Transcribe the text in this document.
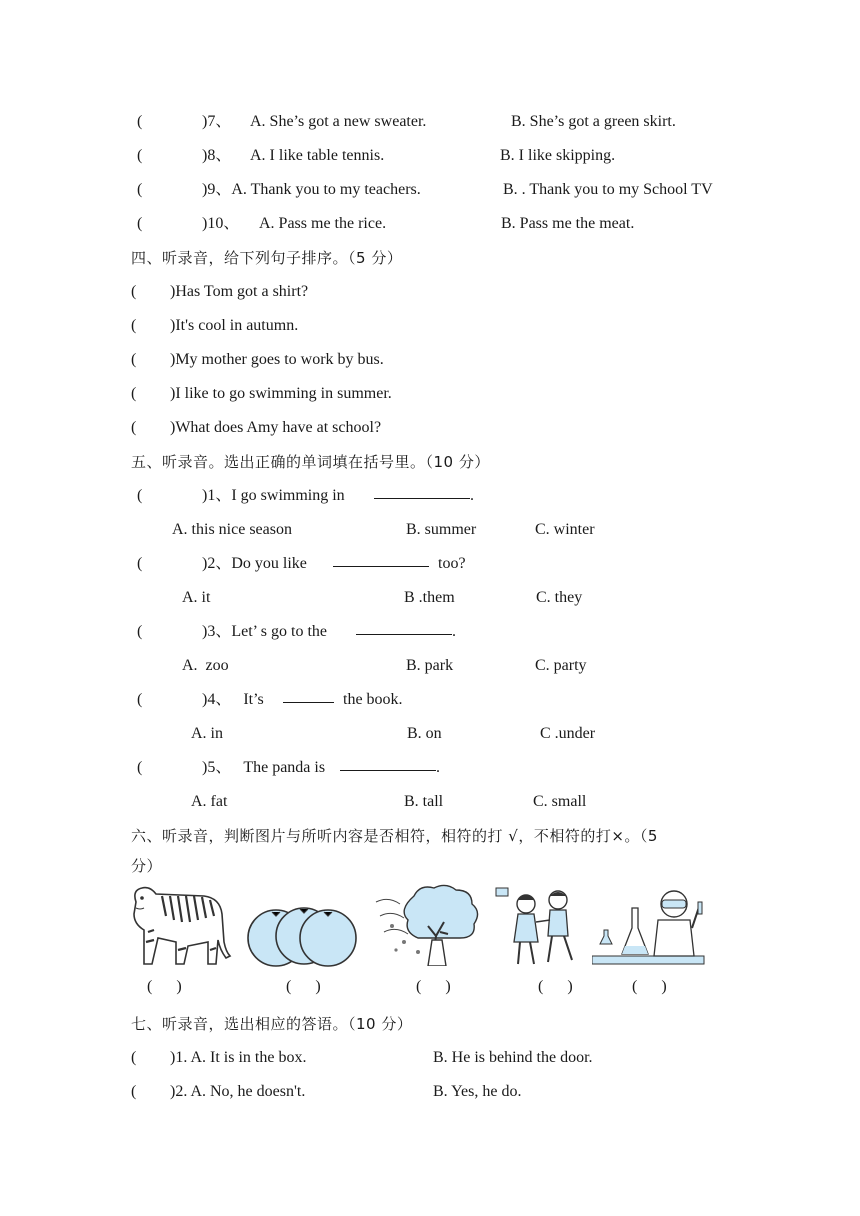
(	)7、 A. She’s got a new sweater.	B. She’s got a green skirt.
(	)8、 A. I like table tennis.	B. I like skipping.
(	)9、A. Thank you to my teachers.	B. . Thank you to my School TV
(	)10、 A. Pass me the rice.	B. Pass me the meat.
四、听录音，给下列句子排序。（5 分）
( )Has Tom got a shirt?
( )It's cool in autumn.
( )My mother goes to work by bus.
( )I like to go swimming in summer.
( )What does Amy have at school?
五、听录音。选出正确的单词填在括号里。（10 分）
(	)1、I go swimming in	.
A. this nice season	B. summer	C. winter
(	)2、Do you like	too?
A. it	B .them	C. they
(	)3、Let’ s go to the	.
A.  zoo	B. park	C. party
(	)4、   It’s	the book.
A. in	B. on	C .under
(	)5、   The panda is	.
A. fat	B. tall	C. small
六、听录音，判断图片与所听内容是否相符，相符的打 √，不相符的打×。（5
分）
(      )	(      )	(      )	(      )	(      )
七、听录音，选出相应的答语。（10 分）
( )1. A. It is in the box.	B. He is behind the door.
( )2. A. No, he doesn't.	B. Yes, he do.
